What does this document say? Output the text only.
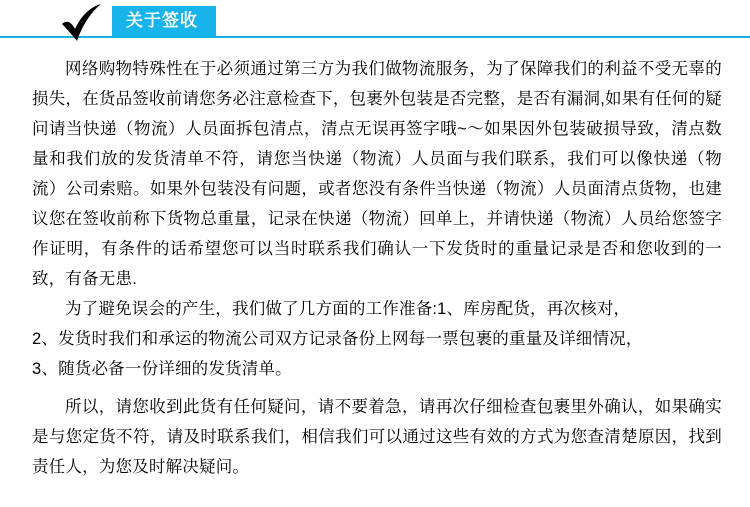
关于签收

网络购物特殊性在于必须通过第三方为我们做物流服务，为了保障我们的利益不受无辜的损失，在货品签收前请您务必注意检查下，包裹外包装是否完整，是否有漏洞,如果有任何的疑问请当快递（物流）人员面拆包清点，清点无误再签字哦~～如果因外包装破损导致，清点数量和我们放的发货清单不符，请您当快递（物流）人员面与我们联系，我们可以像快递（物流）公司索赔。如果外包装没有问题，或者您没有条件当快递（物流）人员面清点货物，也建议您在签收前称下货物总重量，记录在快递（物流）回单上，并请快递（物流）人员给您签字作证明，有条件的话希望您可以当时联系我们确认一下发货时的重量记录是否和您收到的一致，有备无患.

为了避免误会的产生，我们做了几方面的工作准备:1、库房配货，再次核对，

2、发货时我们和承运的物流公司双方记录备份上网每一票包裹的重量及详细情况，

3、随货必备一份详细的发货清单。

所以，请您收到此货有任何疑问，请不要着急，请再次仔细检查包裹里外确认，如果确实是与您定货不符，请及时联系我们，相信我们可以通过这些有效的方式为您查清楚原因，找到责任人，为您及时解决疑问。
